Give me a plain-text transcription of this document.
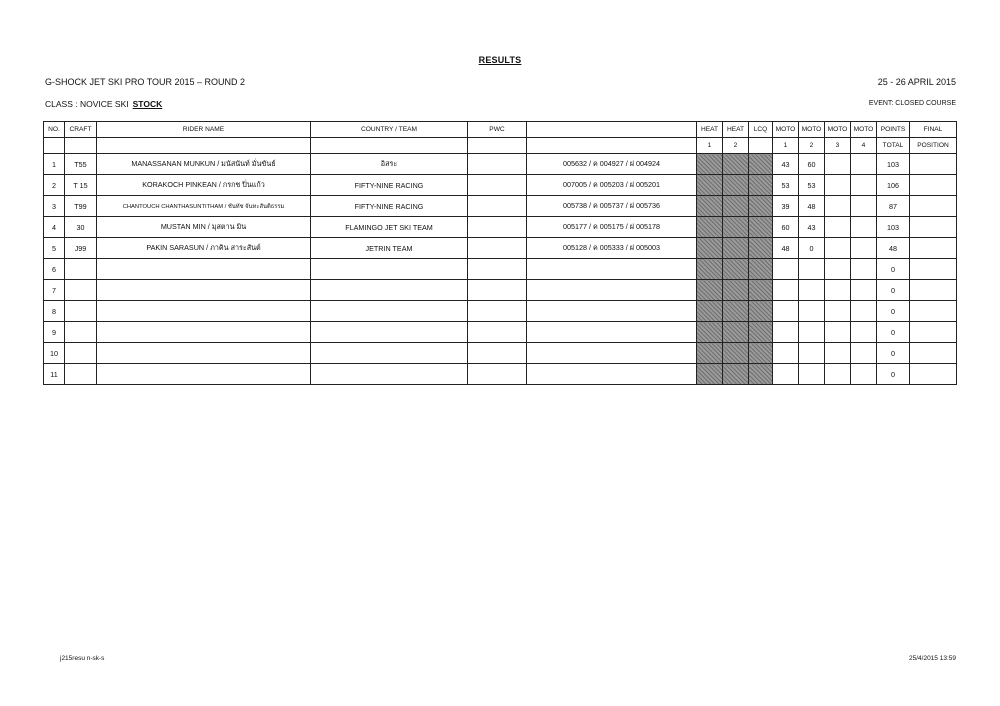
RESULTS
G-SHOCK JET SKI PRO TOUR 2015 – ROUND 2	25 - 26 APRIL 2015
CLASS : NOVICE SKI STOCK	EVENT: CLOSED COURSE
NO.	CRAFT	RIDER NAME	COUNTRY / TEAM	PWC		HEAT	HEAT	LCQ	MOTO	MOTO	MOTO	MOTO	POINTS	FINAL
						1	2		1	2	3	4	TOTAL	POSITION
1	T55	MANASSANAN MUNKUN / มนัสนันท์ มั่นขันธ์	อิสระ		005632 / ค 004927 / ฝ 004924				43	60			103	
2	T 15	KORAKOCH PINKEAN / กรกช ปิ่นแก้ว	FIFTY-NINE RACING		007005 / ค 005203 / ฝ 005201				53	53			106	
3	T99	CHANTOUCH CHANTHASUNTITHAM / ชันทัช จันทะสันติธรรม	FIFTY-NINE RACING		005738 / ค 005737 / ฝ 005736				39	48			87	
4	30	MUSTAN MIN / มุสตาน มิน	FLAMINGO JET SKI TEAM		005177 / ค 005175 / ฝ 005178				60	43			103	
5	J99	PAKIN SARASUN / ภาคิน สาระสันต์	JETRIN TEAM		005128 / ค 005333 / ฝ 005003				48	0			48	
6													0	
7													0	
8													0	
9													0	
10													0	
11													0	
j215resu n-sk-s	25/4/2015 13:59
